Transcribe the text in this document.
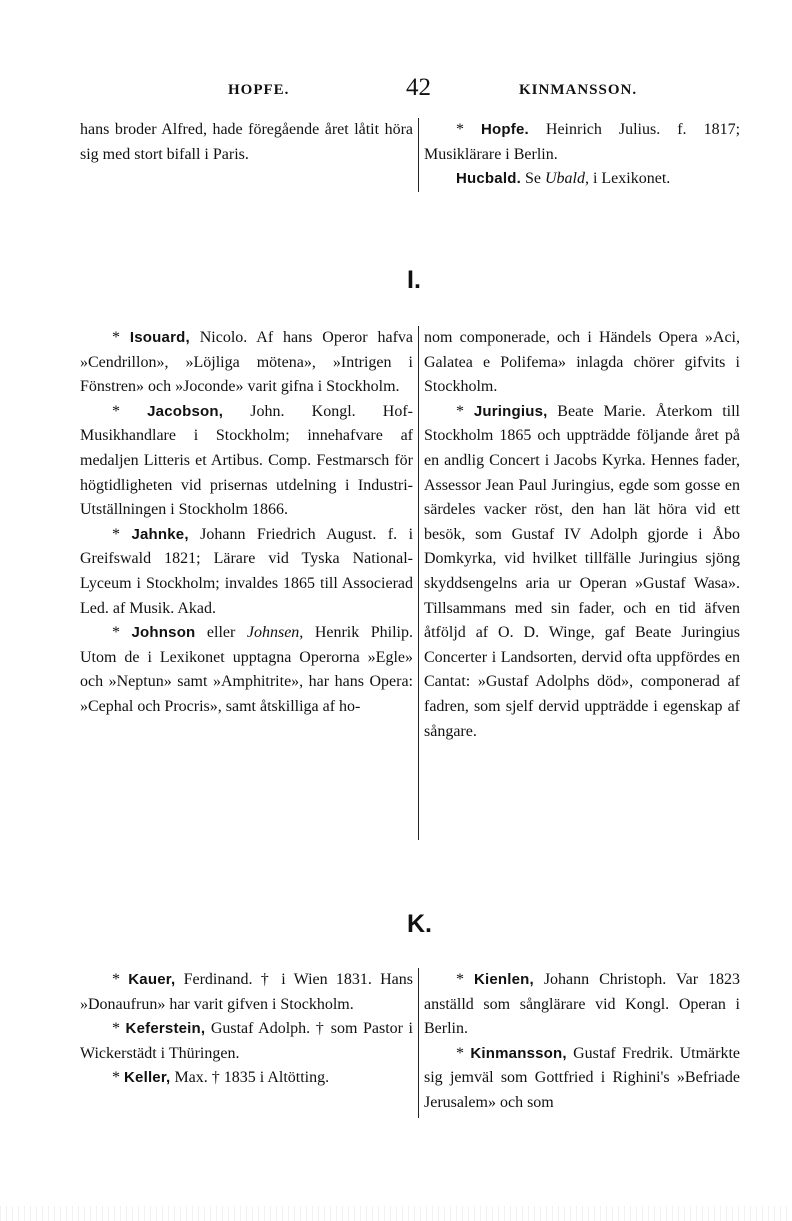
HOPFE.	42	KINMANSSON.

hans broder Alfred, hade föregående året låtit höra sig med stort bifall i Paris.

* Hopfe. Heinrich Julius. f. 1817; Musiklärare i Berlin.

Hucbald. Se Ubald, i Lexikonet.

I.

* Isouard, Nicolo. Af hans Operor hafva »Cendrillon», »Löjliga mötena», »Intrigen i Fönstren» och »Joconde» varit gifna i Stockholm.

* Jacobson, John. Kongl. Hof-Musikhandlare i Stockholm; innehafvare af medaljen Litteris et Artibus. Comp. Festmarsch för högtidligheten vid prisernas utdelning i Industri-Utställningen i Stockholm 1866.

* Jahnke, Johann Friedrich August. f. i Greifswald 1821; Lärare vid Tyska National-Lyceum i Stockholm; invaldes 1865 till Associerad Led. af Musik. Akad.

* Johnson eller Johnsen, Henrik Philip. Utom de i Lexikonet upptagna Operorna »Egle» och »Neptun» samt »Amphitrite», har hans Opera: »Cephal och Procris», samt åtskilliga af ho-

nom componerade, och i Händels Opera »Aci, Galatea e Polifema» inlagda chörer gifvits i Stockholm.

* Juringius, Beate Marie. Återkom till Stockholm 1865 och uppträdde följande året på en andlig Concert i Jacobs Kyrka. Hennes fader, Assessor Jean Paul Juringius, egde som gosse en särdeles vacker röst, den han lät höra vid ett besök, som Gustaf IV Adolph gjorde i Åbo Domkyrka, vid hvilket tillfälle Juringius sjöng skyddsengelns aria ur Operan »Gustaf Wasa». Tillsammans med sin fader, och en tid äfven åtföljd af O. D. Winge, gaf Beate Juringius Concerter i Landsorten, dervid ofta uppfördes en Cantat: »Gustaf Adolphs död», componerad af fadren, som sjelf dervid uppträdde i egenskap af sångare.

K.

* Kauer, Ferdinand. † i Wien 1831. Hans »Donaufrun» har varit gifven i Stockholm.

* Keferstein, Gustaf Adolph. † som Pastor i Wickerstädt i Thüringen.

* Keller, Max. † 1835 i Altötting.

* Kienlen, Johann Christoph. Var 1823 anställd som sånglärare vid Kongl. Operan i Berlin.

* Kinmansson, Gustaf Fredrik. Utmärkte sig jemväl som Gottfried i Righini's »Befriade Jerusalem» och som
